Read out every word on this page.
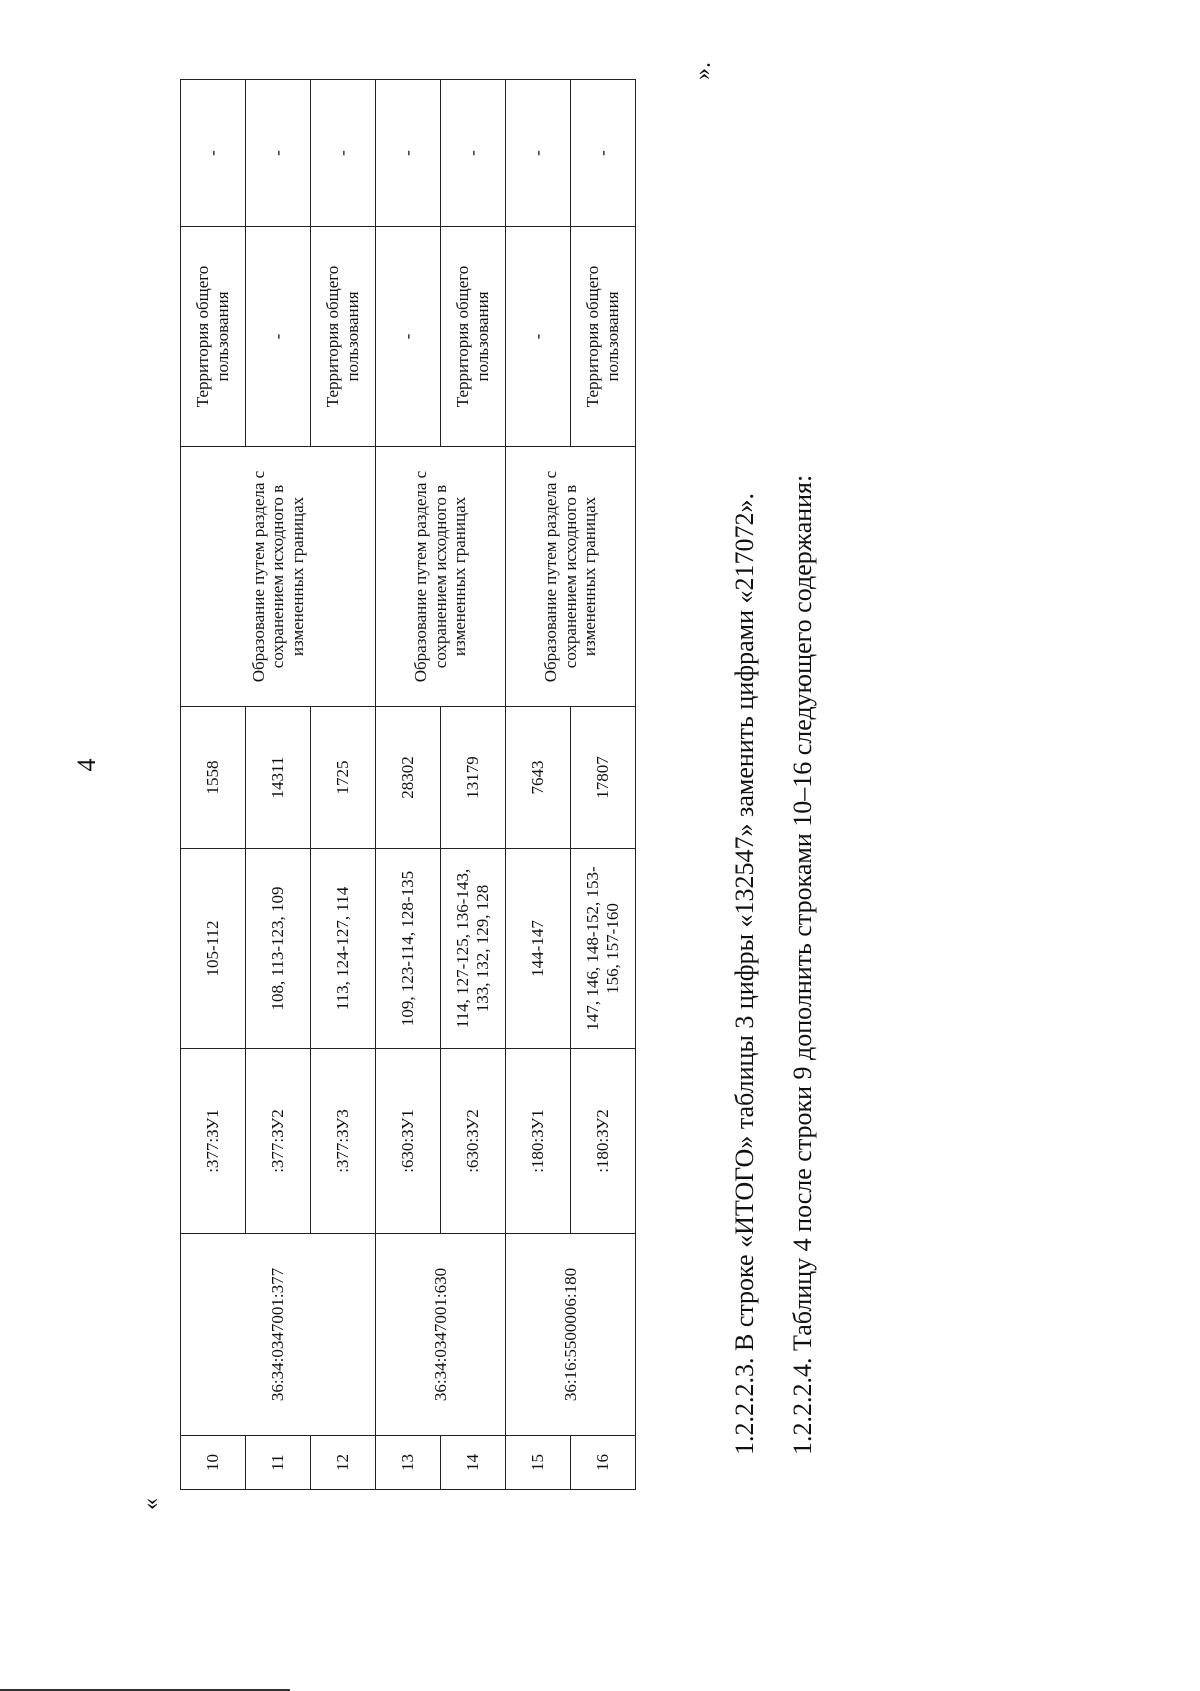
4
«
10	36:34:0347001:377	:377:ЗУ1	105-112	1558	Образование путем раздела с сохранением исходного в измененных границах	Территория общего пользования	-
11		:377:ЗУ2	108, 113-123, 109	14311		-	-
12		:377:ЗУ3	113, 124-127, 114	1725		Территория общего пользования	-
13	36:34:0347001:630	:630:ЗУ1	109, 123-114, 128-135	28302	Образование путем раздела с сохранением исходного в измененных границах	-	-
14		:630:ЗУ2	114, 127-125, 136-143, 133, 132, 129, 128	13179		Территория общего пользования	-
15	36:16:5500006:180	:180:ЗУ1	144-147	7643	Образование путем раздела с сохранением исходного в измененных границах	-	-
16		:180:ЗУ2	147, 146, 148-152, 153-156, 157-160	17807		Территория общего пользования	-
».
1.2.2.2.3. В строке «ИТОГО» таблицы 3 цифры «132547» заменить цифрами «217072». 1.2.2.2.4. Таблицу 4 после строки 9 дополнить строками 10–16 следующего содержания:
